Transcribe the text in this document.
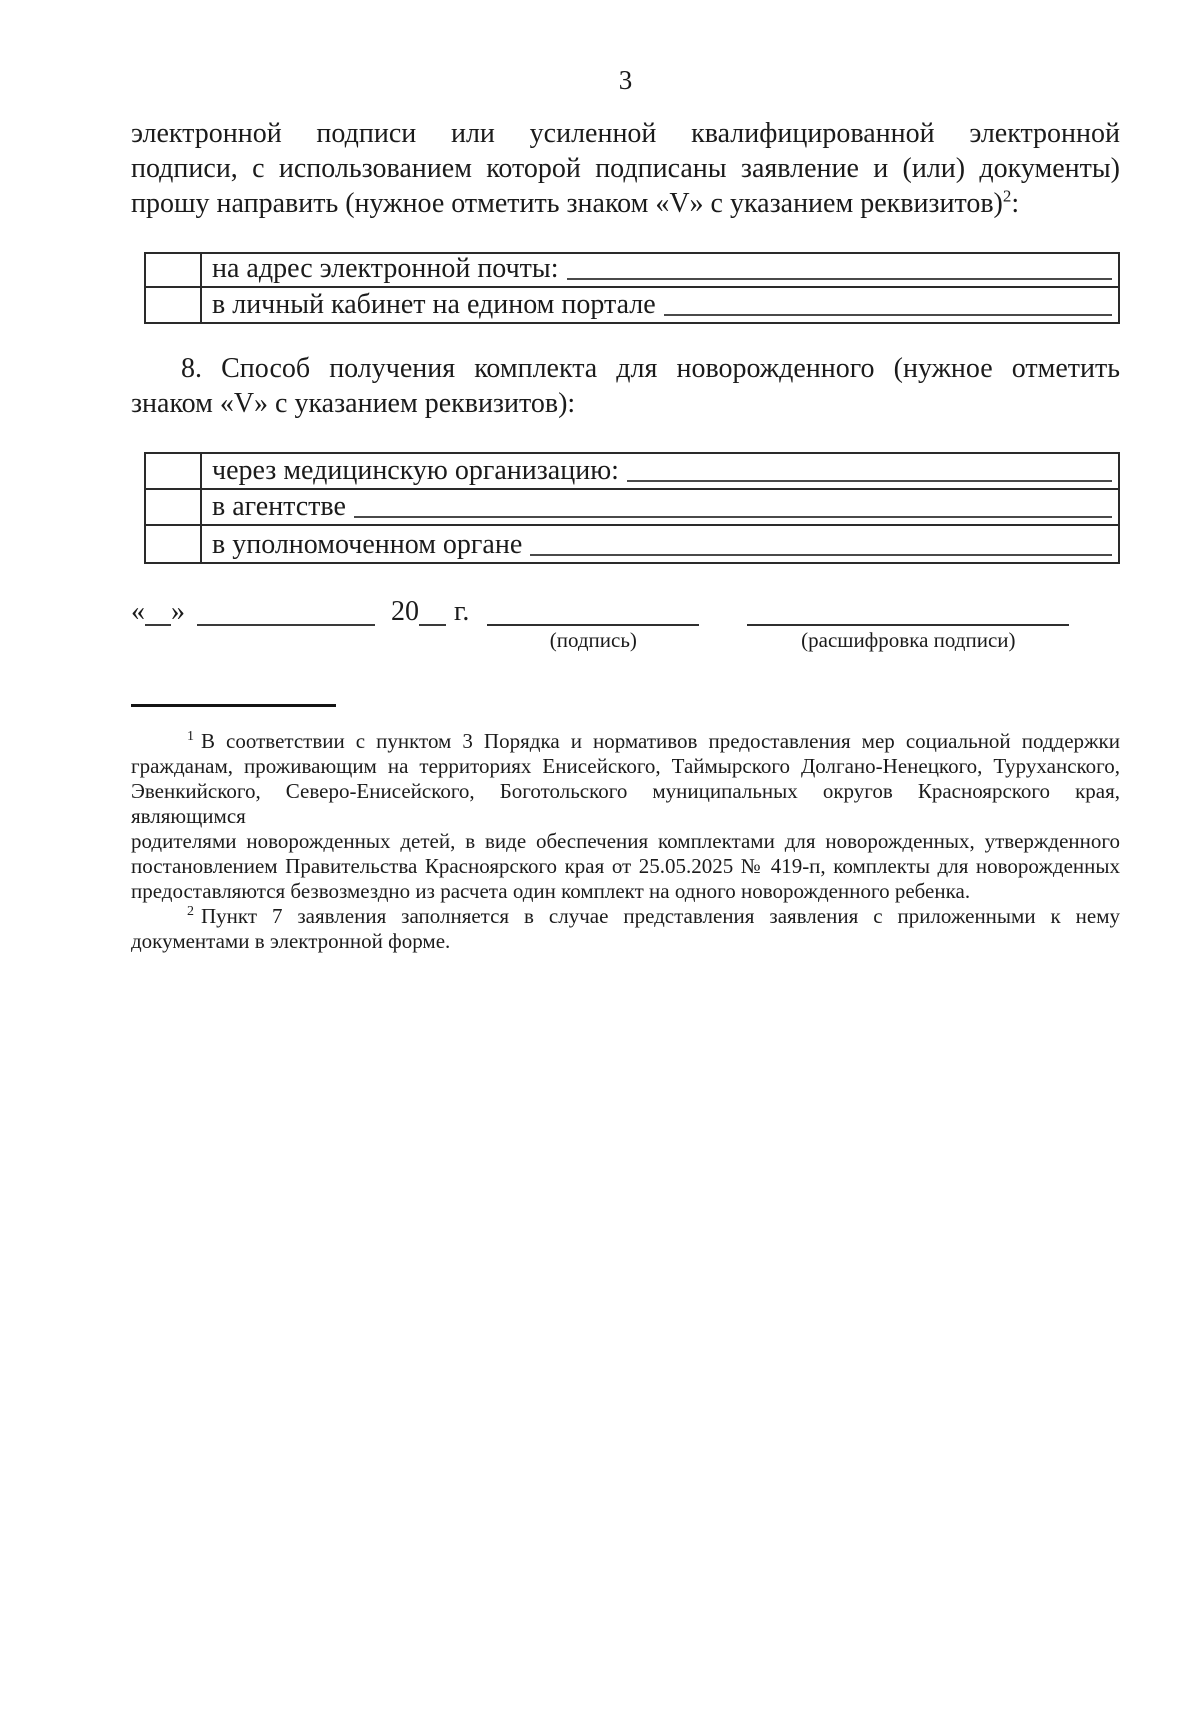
3
электронной подписи или усиленной квалифицированной электронной
подписи, с использованием которой подписаны заявление и (или) документы)
прошу направить (нужное отметить знаком «V» с указанием реквизитов)$^2$:
на адрес электронной почты:
в личный кабинет на едином портале
8. Способ получения комплекта для новорожденного (нужное отметить
знаком «V» с указанием реквизитов):
через медицинскую организацию:
в агентстве
в уполномоченном органе
« »	20 г.
(подпись)	(расшифровка подписи)
$^1$ В соответствии с пунктом 3 Порядка и нормативов предоставления мер социальной поддержки
гражданам, проживающим на территориях Енисейского, Таймырского Долгано-Ненецкого, Туруханского,
Эвенкийского, Северо-Енисейского, Боготольского муниципальных округов Красноярского края, являющимся
родителями новорожденных детей, в виде обеспечения комплектами для новорожденных, утвержденного
постановлением Правительства Красноярского края от 25.05.2025 № 419-п, комплекты для новорожденных
предоставляются безвозмездно из расчета один комплект на одного новорожденного ребенка.
$^2$ Пункт 7 заявления заполняется в случае представления заявления с приложенными к нему
документами в электронной форме.
